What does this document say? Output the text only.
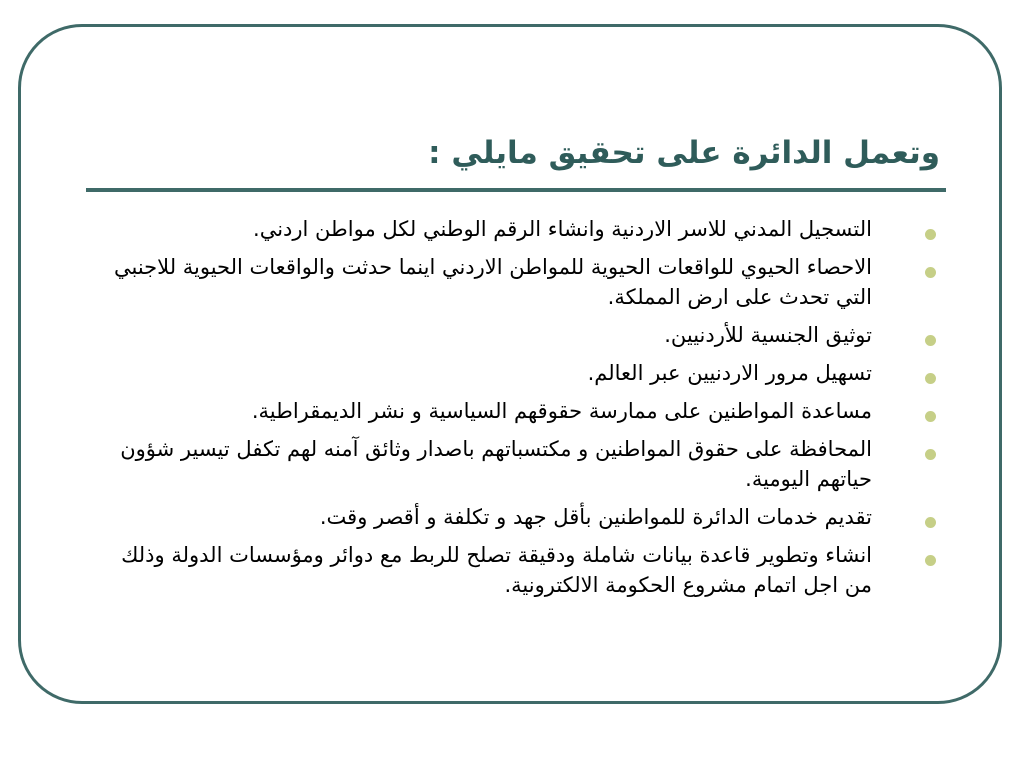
وتعمل الدائرة على تحقيق مايلي :
التسجيل المدني للاسر الاردنية وانشاء الرقم الوطني لكل مواطن اردني.
الاحصاء الحيوي للواقعات الحيوية للمواطن الاردني اينما حدثت والواقعات الحيوية للاجنبي التي تحدث على ارض المملكة.
توثيق الجنسية للأردنيين.
تسهيل مرور الاردنيين عبر العالم.
مساعدة المواطنين على ممارسة حقوقهم السياسية و نشر الديمقراطية.
المحافظة على حقوق المواطنين و مكتسباتهم باصدار وثائق آمنه لهم تكفل تيسير شؤون حياتهم اليومية.
تقديم خدمات الدائرة للمواطنين بأقل جهد و تكلفة و أقصر وقت.
انشاء وتطوير قاعدة بيانات شاملة ودقيقة تصلح للربط مع دوائر ومؤسسات الدولة وذلك من اجل اتمام مشروع الحكومة الالكترونية.
